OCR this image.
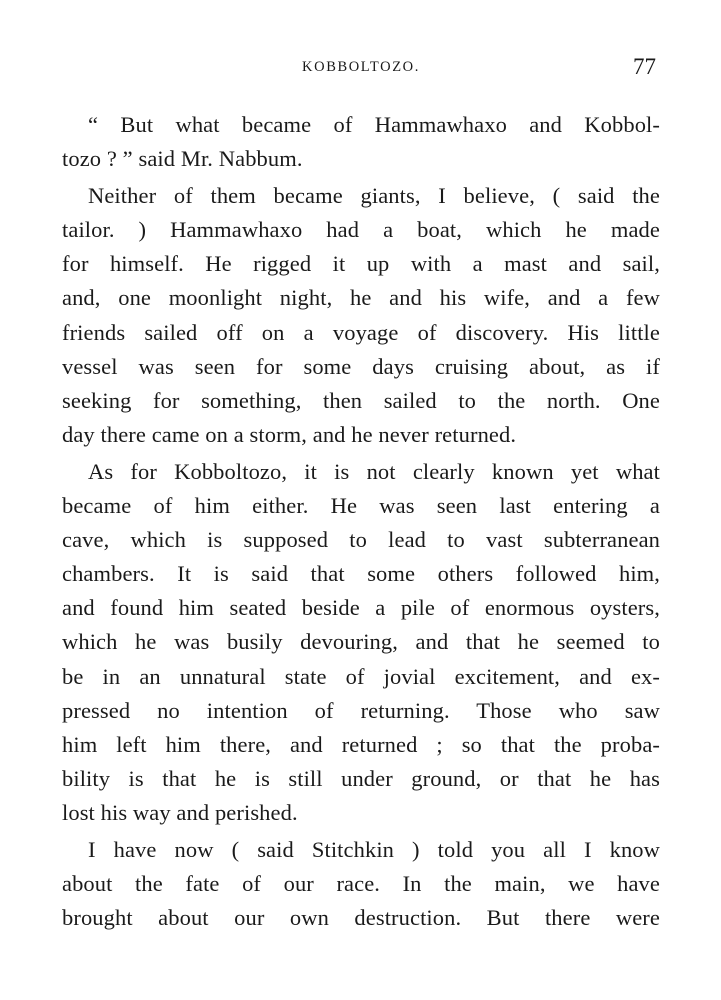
KOBBOLTOZO.	77
“ But what became of Hammawhaxo and Kobbol-
tozo ? ” said Mr. Nabbum.
Neither of them became giants, I believe, ( said the
tailor. ) Hammawhaxo had a boat, which he made
for himself. He rigged it up with a mast and sail,
and, one moonlight night, he and his wife, and a few
friends sailed off on a voyage of discovery. His little
vessel was seen for some days cruising about, as if
seeking for something, then sailed to the north. One
day there came on a storm, and he never returned.
As for Kobboltozo, it is not clearly known yet what
became of him either. He was seen last entering a
cave, which is supposed to lead to vast subterranean
chambers. It is said that some others followed him,
and found him seated beside a pile of enormous oysters,
which he was busily devouring, and that he seemed to
be in an unnatural state of jovial excitement, and ex-
pressed no intention of returning. Those who saw
him left him there, and returned ; so that the proba-
bility is that he is still under ground, or that he has
lost his way and perished.
I have now ( said Stitchkin ) told you all I know
about the fate of our race. In the main, we have
brought about our own destruction. But there were
